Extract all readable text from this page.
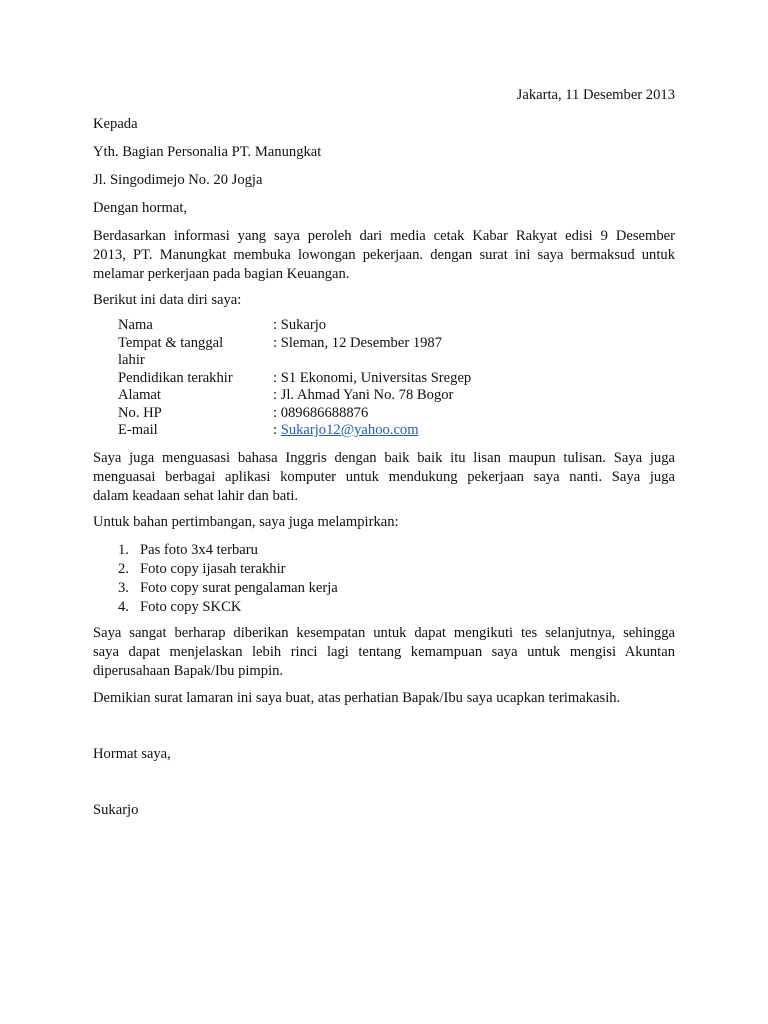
Jakarta, 11 Desember 2013
Kepada
Yth. Bagian Personalia PT. Manungkat
Jl. Singodimejo No. 20 Jogja
Dengan hormat,
Berdasarkan informasi yang saya peroleh dari media cetak Kabar Rakyat edisi 9 Desember
2013, PT. Manungkat membuka lowongan pekerjaan. dengan surat ini saya bermaksud untuk
melamar perkerjaan pada bagian Keuangan.
Berikut ini data diri saya:
Nama	: Sukarjo
Tempat & tanggal lahir
: Sleman, 12 Desember 1987
Pendidikan terakhir	: S1 Ekonomi, Universitas Sregep
Alamat	: Jl. Ahmad Yani No. 78 Bogor
No. HP	: 089686688876
E-mail	: Sukarjo12@yahoo.com
Saya juga menguasasi bahasa Inggris dengan baik baik itu lisan maupun tulisan. Saya juga
menguasai berbagai aplikasi komputer untuk mendukung pekerjaan saya nanti. Saya juga
dalam keadaan sehat lahir dan bati.
Untuk bahan pertimbangan, saya juga melampirkan:
1. Pas foto 3x4 terbaru
2. Foto copy ijasah terakhir
3. Foto copy surat pengalaman kerja
4. Foto copy SKCK
Saya sangat berharap diberikan kesempatan untuk dapat mengikuti tes selanjutnya, sehingga
saya dapat menjelaskan lebih rinci lagi tentang kemampuan saya untuk mengisi Akuntan
diperusahaan Bapak/Ibu pimpin.
Demikian surat lamaran ini saya buat, atas perhatian Bapak/Ibu saya ucapkan terimakasih.
Hormat saya,
Sukarjo
